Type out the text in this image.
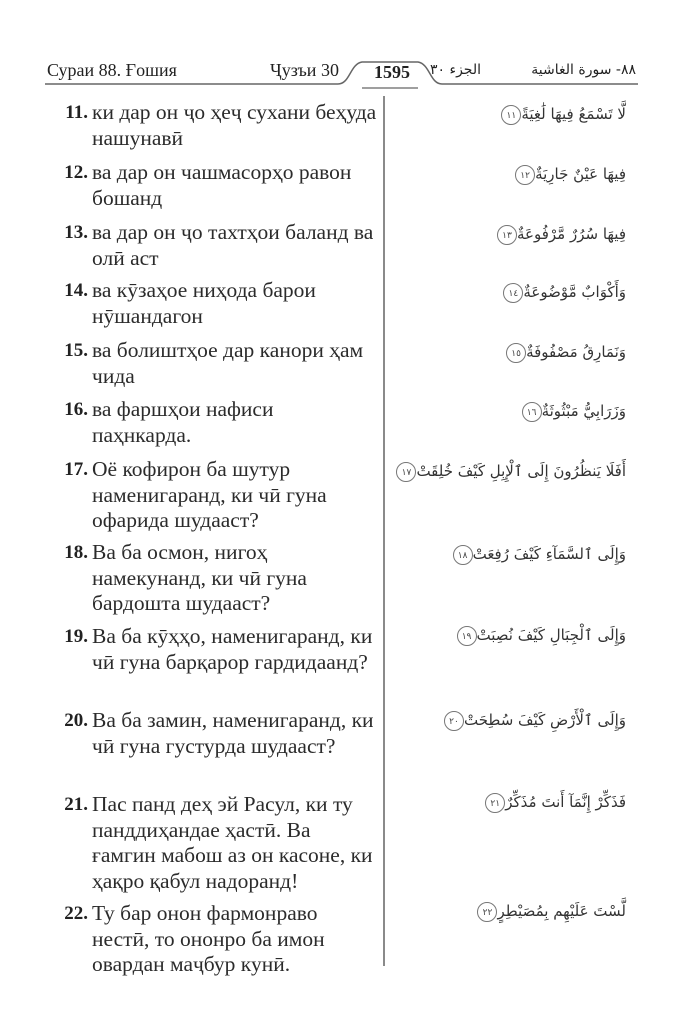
Сураи 88. Ғошия	Ҷузъи 30	1595	الجزء ٣٠	٨٨- سورة الغاشية
11. ки дар он ҷо ҳеҷ сухани беҳуда нашунавӣ
لَّا تَسْمَعُ فِيهَا لَٰغِيَةً١١
12. ва дар он чашмасорҳо равон бошанд
فِيهَا عَيْنٌ جَارِيَةٌ١٢
13. ва дар он ҷо тахтҳои баланд ва олӣ аст
فِيهَا سُرُرٌ مَّرْفُوعَةٌ١٣
14. ва кӯзаҳое ниҳода барои нӯшандагон
وَأَكْوَابٌ مَّوْضُوعَةٌ١٤
15. ва болиштҳое дар канори ҳам чида
وَنَمَارِقُ مَصْفُوفَةٌ١٥
16. ва фаршҳои нафиси паҳнкарда.
وَزَرَابِيُّ مَبْثُوثَةٌ١٦
17. Оё кофирон ба шутур наменигаранд, ки чӣ гуна офарида шудааст?
أَفَلَا يَنظُرُونَ إِلَى ٱلْإِبِلِ كَيْفَ خُلِقَتْ١٧
18. Ва ба осмон, нигоҳ намекунанд, ки чӣ гуна бардошта шудааст?
وَإِلَى ٱلسَّمَآءِ كَيْفَ رُفِعَتْ١٨
19. Ва ба кӯҳҳо, наменигаранд, ки чӣ гуна барқарор гардидаанд?
وَإِلَى ٱلْجِبَالِ كَيْفَ نُصِبَتْ١٩
20. Ва ба замин, наменигаранд, ки чӣ гуна густурда шудааст?
وَإِلَى ٱلْأَرْضِ كَيْفَ سُطِحَتْ٢٠
21. Пас панд деҳ эй Расул, ки ту панддиҳандае ҳастӣ. Ва ғамгин мабош аз он касоне, ки ҳақро қабул надоранд!
فَذَكِّرْ إِنَّمَآ أَنتَ مُذَكِّرٌ٢١
22. Ту бар онон фармонраво нестӣ, то ононро ба имон овардан маҷбур кунӣ.
لَّسْتَ عَلَيْهِم بِمُصَيْطِرٍ٢٢
